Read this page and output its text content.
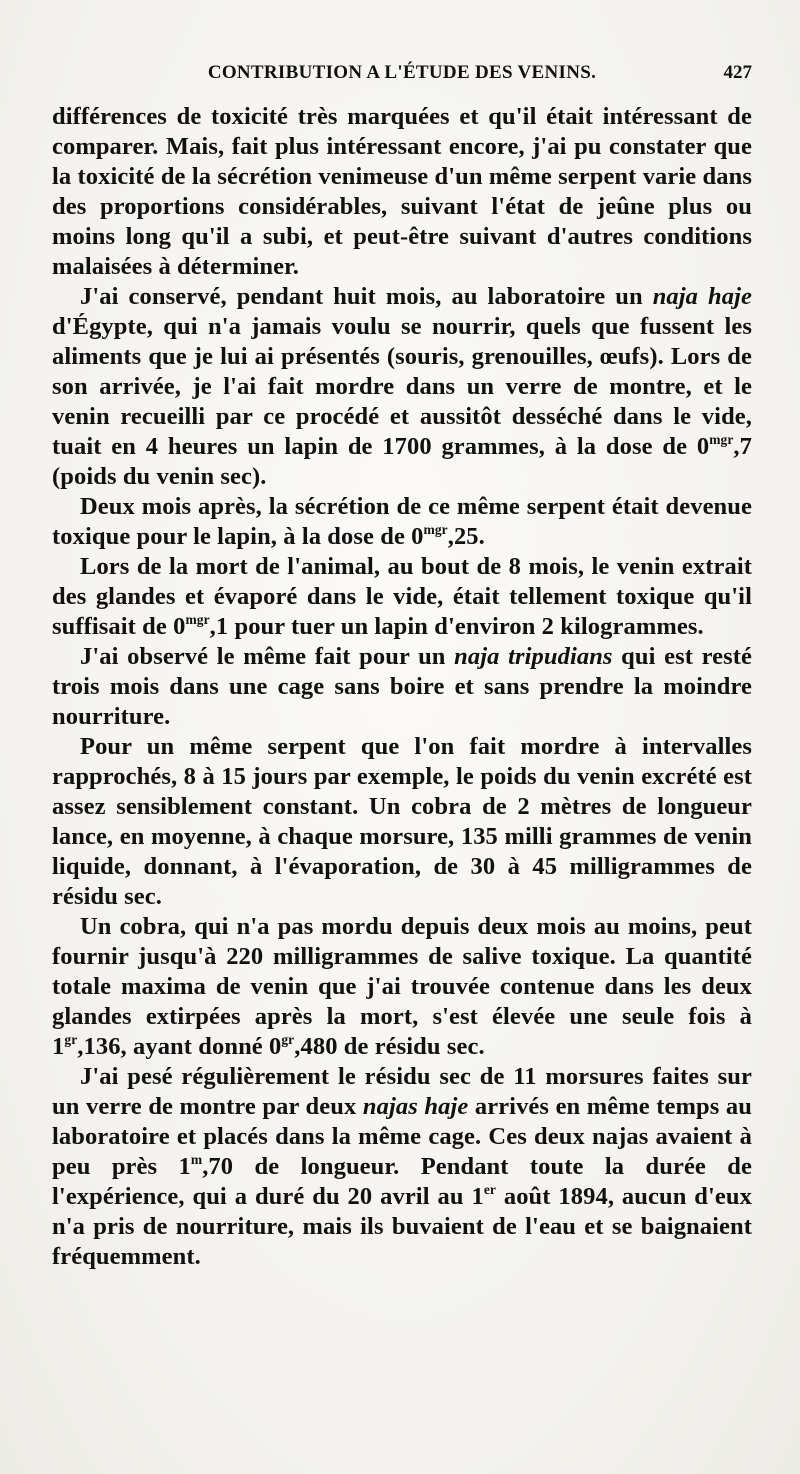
CONTRIBUTION A L'ÉTUDE DES VENINS.	427

différences de toxicité très marquées et qu'il était intéressant de comparer. Mais, fait plus intéressant encore, j'ai pu constater que la toxicité de la sécrétion venimeuse d'un même serpent varie dans des proportions considérables, suivant l'état de jeûne plus ou moins long qu'il a subi, et peut-être suivant d'autres conditions malaisées à déterminer.

J'ai conservé, pendant huit mois, au laboratoire un naja haje d'Égypte, qui n'a jamais voulu se nourrir, quels que fussent les aliments que je lui ai présentés (souris, grenouilles, œufs). Lors de son arrivée, je l'ai fait mordre dans un verre de montre, et le venin recueilli par ce procédé et aussitôt desséché dans le vide, tuait en 4 heures un lapin de 1700 grammes, à la dose de $0^{mgr},7$ (poids du venin sec).

Deux mois après, la sécrétion de ce même serpent était devenue toxique pour le lapin, à la dose de $0^{mgr},25$.

Lors de la mort de l'animal, au bout de 8 mois, le venin extrait des glandes et évaporé dans le vide, était tellement toxique qu'il suffisait de $0^{mgr},1$ pour tuer un lapin d'environ 2 kilogrammes.

J'ai observé le même fait pour un naja tripudians qui est resté trois mois dans une cage sans boire et sans prendre la moindre nourriture.

Pour un même serpent que l'on fait mordre à intervalles rapprochés, 8 à 15 jours par exemple, le poids du venin excrété est assez sensiblement constant. Un cobra de 2 mètres de longueur lance, en moyenne, à chaque morsure, 135 milli grammes de venin liquide, donnant, à l'évaporation, de 30 à 45 milligrammes de résidu sec.

Un cobra, qui n'a pas mordu depuis deux mois au moins, peut fournir jusqu'à 220 milligrammes de salive toxique. La quantité totale maxima de venin que j'ai trouvée contenue dans les deux glandes extirpées après la mort, s'est élevée une seule fois à $1^{gr},136$, ayant donné $0^{gr},480$ de résidu sec.

J'ai pesé régulièrement le résidu sec de 11 morsures faites sur un verre de montre par deux najas haje arrivés en même temps au laboratoire et placés dans la même cage. Ces deux najas avaient à peu près 1$^m$,70 de longueur. Pendant toute la durée de l'expérience, qui a duré du 20 avril au 1er août 1894, aucun d'eux n'a pris de nourriture, mais ils buvaient de l'eau et se baignaient fréquemment.
